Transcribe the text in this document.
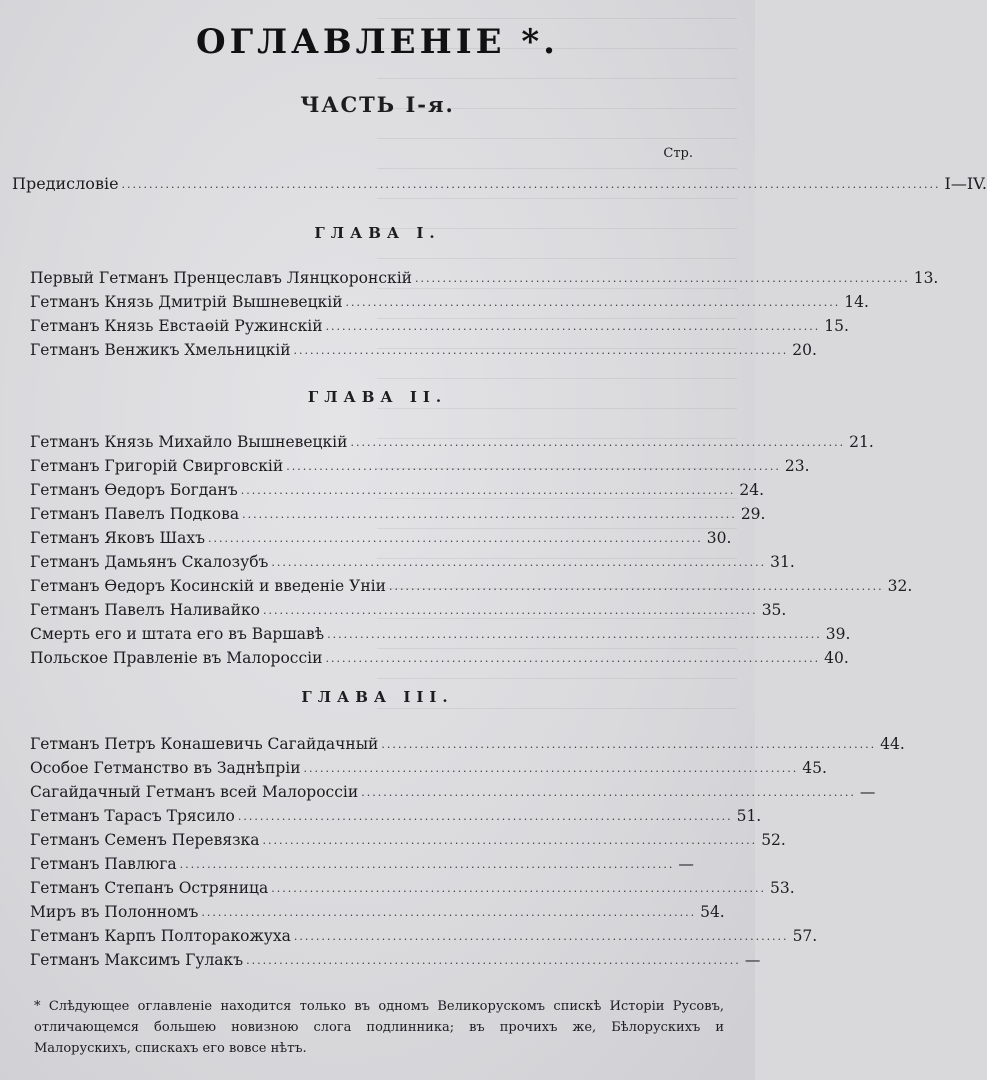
ОГЛАВЛЕНІЕ *.
ЧАСТЬ I-я.
Стр.
Предисловіе ..................................................................................................................................................... I—IV.
ГЛАВА I.
Первый Гетманъ Пренцеславъ Лянцкоронскій .......................................................................................... 13.
Гетманъ Князь Дмитрій Вышневецкій .......................................................................................... 14.
Гетманъ Князь Евстаөій Ружинскій .......................................................................................... 15.
Гетманъ Венжикъ Хмельницкій .......................................................................................... 20.
ГЛАВА II.
Гетманъ Князь Михайло Вышневецкій .......................................................................................... 21.
Гетманъ Григорій Свирговскій .......................................................................................... 23.
Гетманъ Өедоръ Богданъ .......................................................................................... 24.
Гетманъ Павелъ Подкова .......................................................................................... 29.
Гетманъ Яковъ Шахъ .......................................................................................... 30.
Гетманъ Дамьянъ Скалозубъ .......................................................................................... 31.
Гетманъ Өедоръ Косинскій и введеніе Уніи .......................................................................................... 32.
Гетманъ Павелъ Наливайко .......................................................................................... 35.
Смерть его и штата его въ Варшавѣ .......................................................................................... 39.
Польское Правленіе въ Малороссіи .......................................................................................... 40.
ГЛАВА III.
Гетманъ Петръ Конашевичь Сагайдачный .......................................................................................... 44.
Особое Гетманство въ Заднѣпріи .......................................................................................... 45.
Сагайдачный Гетманъ всей Малороссіи .......................................................................................... —
Гетманъ Тарасъ Трясило .......................................................................................... 51.
Гетманъ Семенъ Перевязка .......................................................................................... 52.
Гетманъ Павлюга .......................................................................................... —
Гетманъ Степанъ Остряница .......................................................................................... 53.
Миръ въ Полонномъ .......................................................................................... 54.
Гетманъ Карпъ Полторакожуха .......................................................................................... 57.
Гетманъ Максимъ Гулакъ .......................................................................................... —
* Слѣдующее оглавленіе находится только въ одномъ Великорускомъ спискѣ Исторіи Русовъ, отличающемся большею новизною слога подлинника; въ прочихъ же, Бѣлорускихъ и Малорускихъ, спискахъ его вовсе нѣтъ.
